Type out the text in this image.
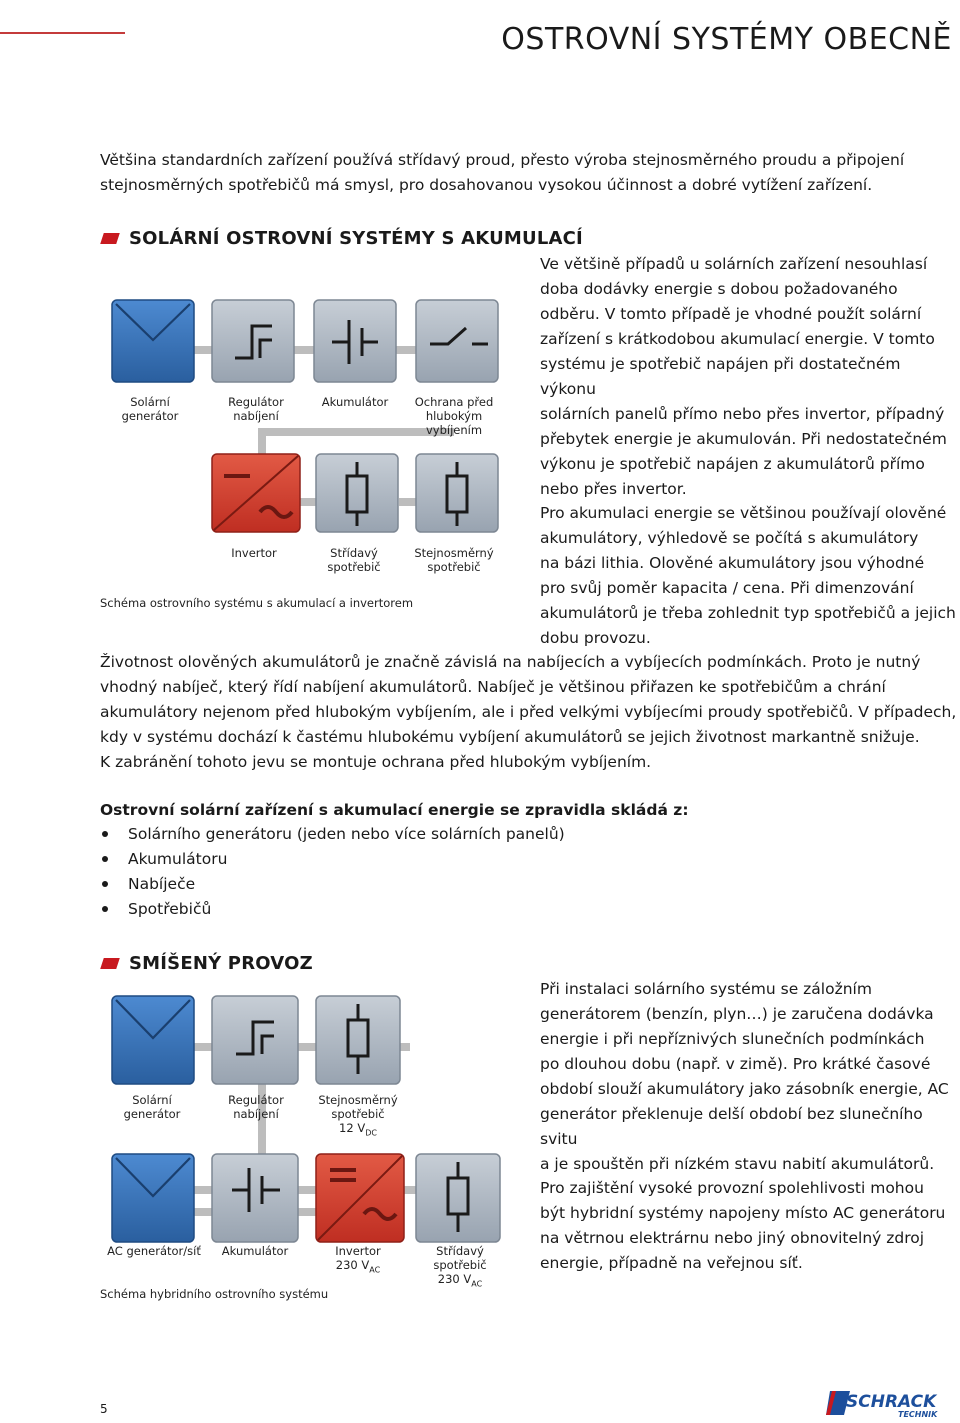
OSTROVNÍ SYSTÉMY OBECNĚ
Většina standardních zařízení používá střídavý proud, přesto výroba stejnosměrného proudu a připojení
stejnosměrných spotřebičů má smysl, pro dosahovanou vysokou účinnost a dobré vytížení zařízení.
SOLÁRNÍ OSTROVNÍ SYSTÉMY S AKUMULACÍ
Solární generátor
Regulátor nabíjení
Akumulátor	Ochrana před
hlubokým vybíjením
Invertor	Střídavý spotřebič
Stejnosměrný
spotřebič
Schéma ostrovního systému s akumulací a invertorem
Ve většině případů u solárních zařízení nesouhlasí
doba dodávky energie s dobou požadovaného
odběru. V tomto případě je vhodné použít solární
zařízení s krátkodobou akumulací energie. V tomto
systému je spotřebič napájen při dostatečném výkonu
solárních panelů přímo nebo přes invertor, případný
přebytek energie je akumulován. Při nedostatečném
výkonu je spotřebič napájen z akumulátorů přímo
nebo přes invertor.
Pro akumulaci energie se většinou používají olověné
akumulátory, výhledově se počítá s akumulátory
na bázi lithia. Olověné akumulátory jsou výhodné
pro svůj poměr kapacita / cena. Při dimenzování
akumulátorů je třeba zohlednit typ spotřebičů a jejich
dobu provozu.
Životnost olověných akumulátorů je značně závislá na nabíjecích a vybíjecích podmínkách. Proto je nutný
vhodný nabíječ, který řídí nabíjení akumulátorů. Nabíječ je většinou přiřazen ke spotřebičům a chrání
akumulátory nejenom před hlubokým vybíjením, ale i před velkými vybíjecími proudy spotřebičů. V případech,
kdy v systému dochází k častému hlubokému vybíjení akumulátorů se jejich životnost markantně snižuje.
K zabránění tohoto jevu se montuje ochrana před hlubokým vybíjením.
Ostrovní solární zařízení s akumulací energie se zpravidla skládá z:
Solárního generátoru (jeden nebo více solárních panelů)
Akumulátoru
Nabíječe
Spotřebičů
SMÍŠENÝ PROVOZ
Solární generátor
Regulátor nabíjení
Stejnosměrný
spotřebič
12 $V_{DC}$
AC generátor/síť	Akumulátor	Invertor
230 $V_{AC}$
Střídavý spotřebič
230 $V_{AC}$
Schéma hybridního ostrovního systému
Při instalaci solárního systému se záložním
generátorem (benzín, plyn…) je zaručena dodávka
energie i při nepříznivých slunečních podmínkách
po dlouhou dobu (např. v zimě). Pro krátké časové
období slouží akumulátory jako zásobník energie, AC
generátor překlenuje delší období bez slunečního svitu
a je spouštěn při nízkém stavu nabití akumulátorů.
Pro zajištění vysoké provozní spolehlivosti mohou
být hybridní systémy napojeny místo AC generátoru
na větrnou elektrárnu nebo jiný obnovitelný zdroj
energie, případně na veřejnou síť.
5	SCHRACK
TECHNIK
